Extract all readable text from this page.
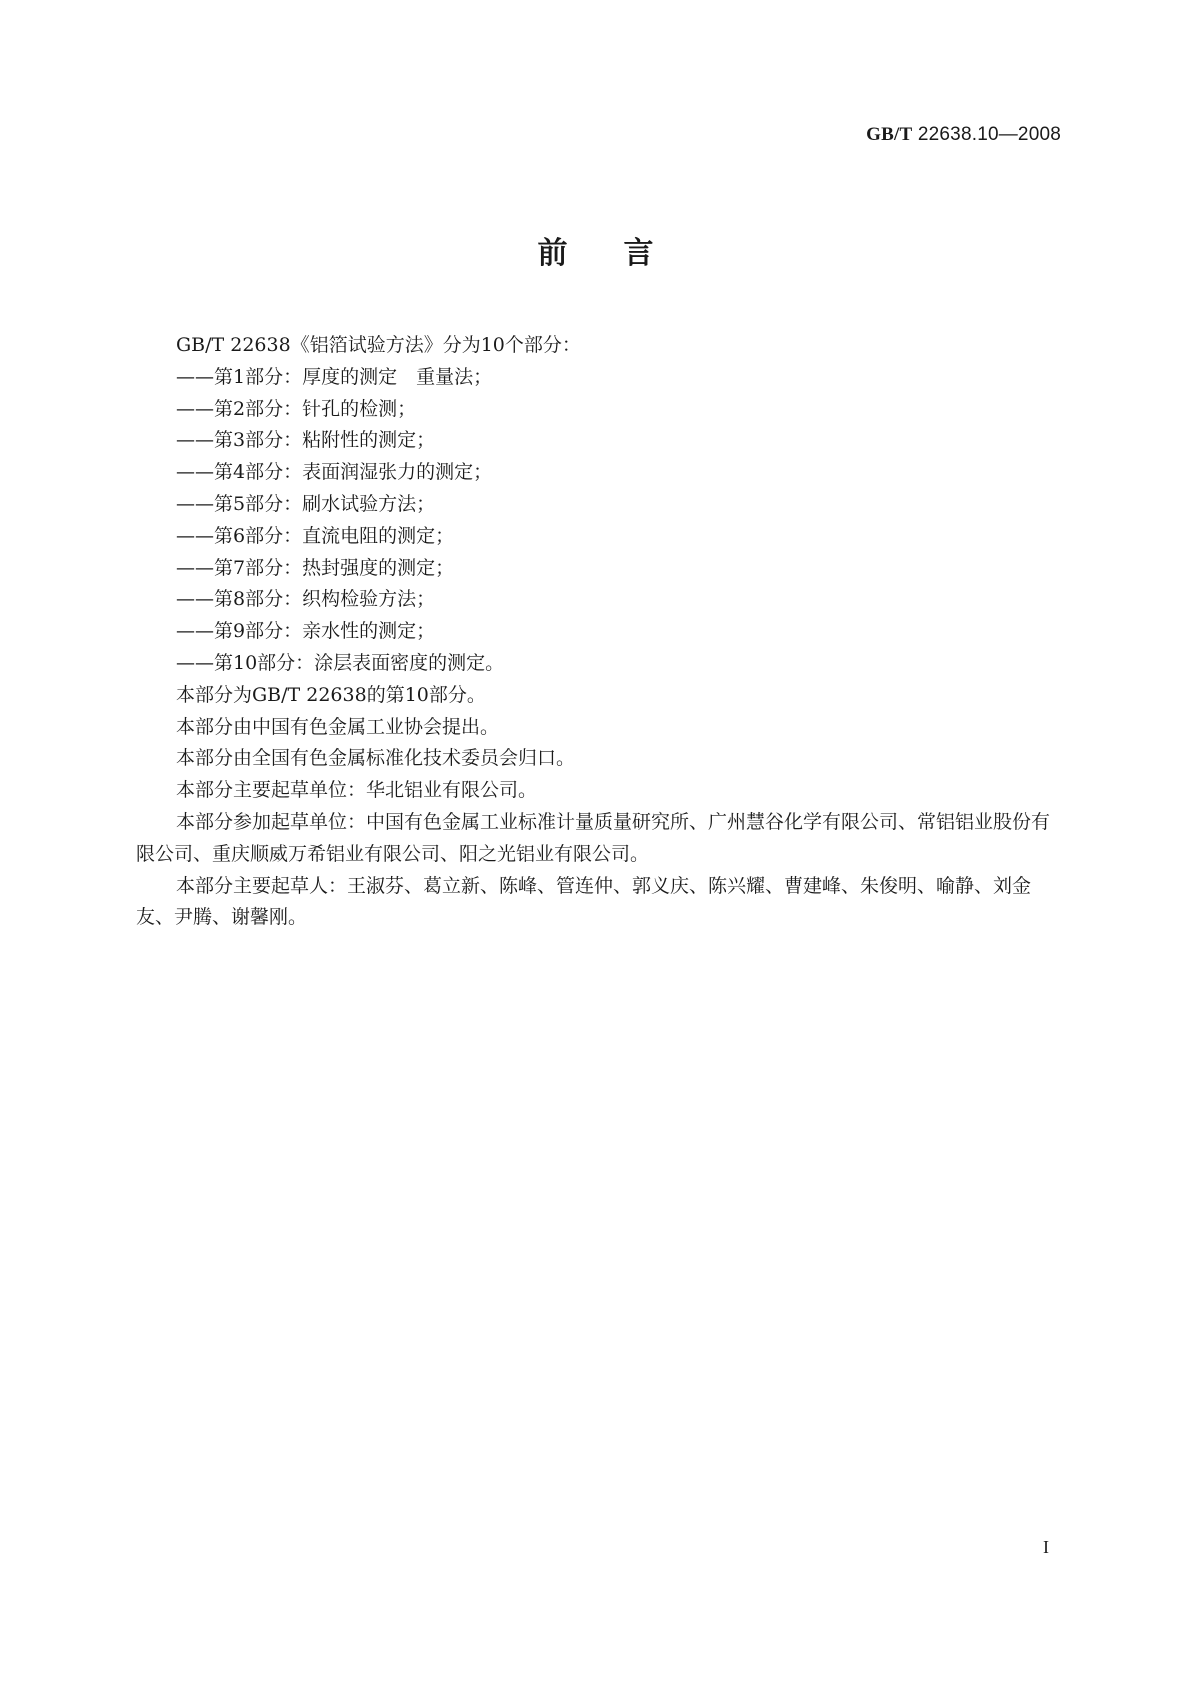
GB/T 22638.10—2008
前言

GB/T 22638《铝箔试验方法》分为10个部分：

——第1部分：厚度的测定　重量法；

——第2部分：针孔的检测；

——第3部分：粘附性的测定；

——第4部分：表面润湿张力的测定；

——第5部分：刷水试验方法；

——第6部分：直流电阻的测定；

——第7部分：热封强度的测定；

——第8部分：织构检验方法；

——第9部分：亲水性的测定；

——第10部分：涂层表面密度的测定。

本部分为GB/T 22638的第10部分。

本部分由中国有色金属工业协会提出。

本部分由全国有色金属标准化技术委员会归口。

本部分主要起草单位：华北铝业有限公司。

本部分参加起草单位：中国有色金属工业标准计量质量研究所、广州慧谷化学有限公司、常铝铝业股份有限公司、重庆顺威万希铝业有限公司、阳之光铝业有限公司。

本部分主要起草人：王淑芬、葛立新、陈峰、管连仲、郭义庆、陈兴耀、曹建峰、朱俊明、喻静、刘金友、尹腾、谢馨刚。

I
